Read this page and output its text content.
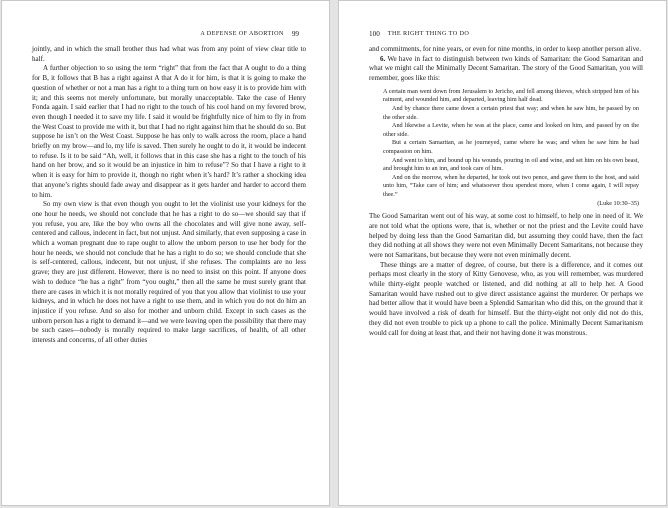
A DEFENSE OF ABORTION 99

jointly, and in which the small brother thus had what was from any point of view clear title to half.

A further objection to so using the term “right” that from the fact that A ought to do a thing for B, it follows that B has a right against A that A do it for him, is that it is going to make the question of whether or not a man has a right to a thing turn on how easy it is to provide him with it; and this seems not merely unfortunate, but morally unacceptable. Take the case of Henry Fonda again. I said earlier that I had no right to the touch of his cool hand on my fevered brow, even though I needed it to save my life. I said it would be frightfully nice of him to fly in from the West Coast to provide me with it, but that I had no right against him that he should do so. But suppose he isn’t on the West Coast. Suppose he has only to walk across the room, place a hand briefly on my brow—and lo, my life is saved. Then surely he ought to do it, it would be indecent to refuse. Is it to be said “Ah, well, it follows that in this case she has a right to the touch of his hand on her brow, and so it would be an injustice in him to refuse”? So that I have a right to it when it is easy for him to provide it, though no right when it’s hard? It’s rather a shocking idea that anyone’s rights should fade away and disappear as it gets harder and harder to accord them to him.

So my own view is that even though you ought to let the violinist use your kidneys for the one hour he needs, we should not conclude that he has a right to do so—we should say that if you refuse, you are, like the boy who owns all the chocolates and will give none away, self-centered and callous, indecent in fact, but not unjust. And similarly, that even supposing a case in which a woman pregnant due to rape ought to allow the unborn person to use her body for the hour he needs, we should not conclude that he has a right to do so; we should conclude that she is self-centered, callous, indecent, but not unjust, if she refuses. The complaints are no less grave; they are just different. However, there is no need to insist on this point. If anyone does wish to deduce “he has a right” from “you ought,” then all the same he must surely grant that there are cases in which it is not morally required of you that you allow that violinist to use your kidneys, and in which he does not have a right to use them, and in which you do not do him an injustice if you refuse. And so also for mother and unborn child. Except in such cases as the unborn person has a right to demand it—and we were leaving open the possibility that there may be such cases—nobody is morally required to make large sacrifices, of health, of all other interests and concerns, of all other duties

100 THE RIGHT THING TO DO

and commitments, for nine years, or even for nine months, in order to keep another person alive.

6. We have in fact to distinguish between two kinds of Samaritan: the Good Samaritan and what we might call the Minimally Decent Samaritan. The story of the Good Samaritan, you will remember, goes like this:

A certain man went down from Jerusalem to Jericho, and fell among thieves, which stripped him of his raiment, and wounded him, and departed, leaving him half dead.

And by chance there came down a certain priest that way; and when he saw him, he passed by on the other side.

And likewise a Levite, when he was at the place, came and looked on him, and passed by on the other side.

But a certain Samaritan, as he journeyed, came where he was; and when he saw him he had compassion on him.

And went to him, and bound up his wounds, pouring in oil and wine, and set him on his own beast, and brought him to an inn, and took care of him.

And on the morrow, when he departed, he took out two pence, and gave them to the host, and said unto him, “Take care of him; and whatsoever thou spendest more, when I come again, I will repay thee.”

(Luke 10:30–35)

The Good Samaritan went out of his way, at some cost to himself, to help one in need of it. We are not told what the options were, that is, whether or not the priest and the Levite could have helped by doing less than the Good Samaritan did, but assuming they could have, then the fact they did nothing at all shows they were not even Minimally Decent Samaritans, not because they were not Samaritans, but because they were not even minimally decent.

These things are a matter of degree, of course, but there is a difference, and it comes out perhaps most clearly in the story of Kitty Genovese, who, as you will remember, was murdered while thirty-eight people watched or listened, and did nothing at all to help her. A Good Samaritan would have rushed out to give direct assistance against the murderer. Or perhaps we had better allow that it would have been a Splendid Samaritan who did this, on the ground that it would have involved a risk of death for himself. But the thirty-eight not only did not do this, they did not even trouble to pick up a phone to call the police. Minimally Decent Samaritanism would call for doing at least that, and their not having done it was monstrous.
